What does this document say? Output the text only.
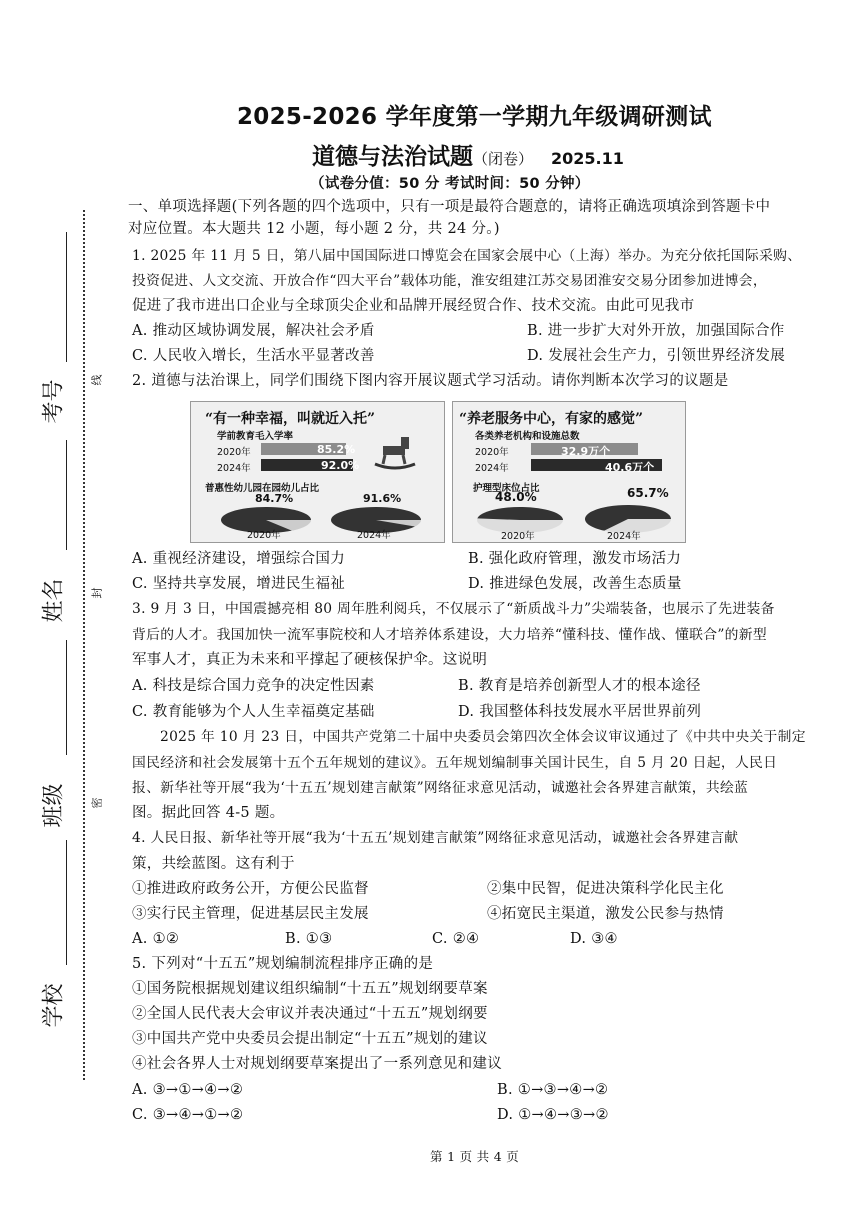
考号
姓名
班级
学校
线
封
密
2025-2026 学年度第一学期九年级调研测试
道德与法治试题（闭卷） 2025.11
（试卷分值：50 分 考试时间：50 分钟）
一、单项选择题(下列各题的四个选项中，只有一项是最符合题意的，请将正确选项填涂到答题卡中
对应位置。本大题共 12 小题，每小题 2 分，共 24 分。)
1. 2025 年 11 月 5 日，第八届中国国际进口博览会在国家会展中心（上海）举办。为充分依托国际采购、
投资促进、人文交流、开放合作“四大平台”载体功能，淮安组建江苏交易团淮安交易分团参加进博会，
促进了我市进出口企业与全球顶尖企业和品牌开展经贸合作、技术交流。由此可见我市
A. 推动区域协调发展，解决社会矛盾	B. 进一步扩大对外开放，加强国际合作
C. 人民收入增长，生活水平显著改善	D. 发展社会生产力，引领世界经济发展
2. 道德与法治课上，同学们围绕下图内容开展议题式学习活动。请你判断本次学习的议题是
“有一种幸福，叫就近入托”
学前教育毛入学率
2020年
2024年
85.2%
92.0%
普惠性幼儿园在园幼儿占比
84.7%	91.6%
2020年	2024年
“养老服务中心，有家的感觉”
各类养老机构和设施总数
2020年
2024年
32.9万个
40.6万个
护理型床位占比
48.0%	65.7%
2020年	2024年
A. 重视经济建设，增强综合国力	B. 强化政府管理，激发市场活力
C. 坚持共享发展，增进民生福祉	D. 推进绿色发展，改善生态质量
3. 9 月 3 日，中国震撼亮相 80 周年胜利阅兵，不仅展示了“新质战斗力”尖端装备，也展示了先进装备
背后的人才。我国加快一流军事院校和人才培养体系建设，大力培养“懂科技、懂作战、懂联合”的新型
军事人才，真正为未来和平撑起了硬核保护伞。这说明
A. 科技是综合国力竞争的决定性因素	B. 教育是培养创新型人才的根本途径
C. 教育能够为个人人生幸福奠定基础	D. 我国整体科技发展水平居世界前列
2025 年 10 月 23 日，中国共产党第二十届中央委员会第四次全体会议审议通过了《中共中央关于制定
国民经济和社会发展第十五个五年规划的建议》。五年规划编制事关国计民生，自 5 月 20 日起，人民日
报、新华社等开展“我为‘十五五’规划建言献策”网络征求意见活动，诚邀社会各界建言献策，共绘蓝
图。据此回答 4-5 题。
4. 人民日报、新华社等开展“我为‘十五五’规划建言献策”网络征求意见活动，诚邀社会各界建言献
策，共绘蓝图。这有利于
①推进政府政务公开，方便公民监督	②集中民智，促进决策科学化民主化
③实行民主管理，促进基层民主发展	④拓宽民主渠道，激发公民参与热情
A. ①②	B. ①③	C. ②④	D. ③④
5. 下列对“十五五”规划编制流程排序正确的是
①国务院根据规划建议组织编制“十五五”规划纲要草案
②全国人民代表大会审议并表决通过“十五五”规划纲要
③中国共产党中央委员会提出制定“十五五”规划的建议
④社会各界人士对规划纲要草案提出了一系列意见和建议
A. ③→①→④→②	B. ①→③→④→②
C. ③→④→①→②	D. ①→④→③→②
第 1 页 共 4 页
